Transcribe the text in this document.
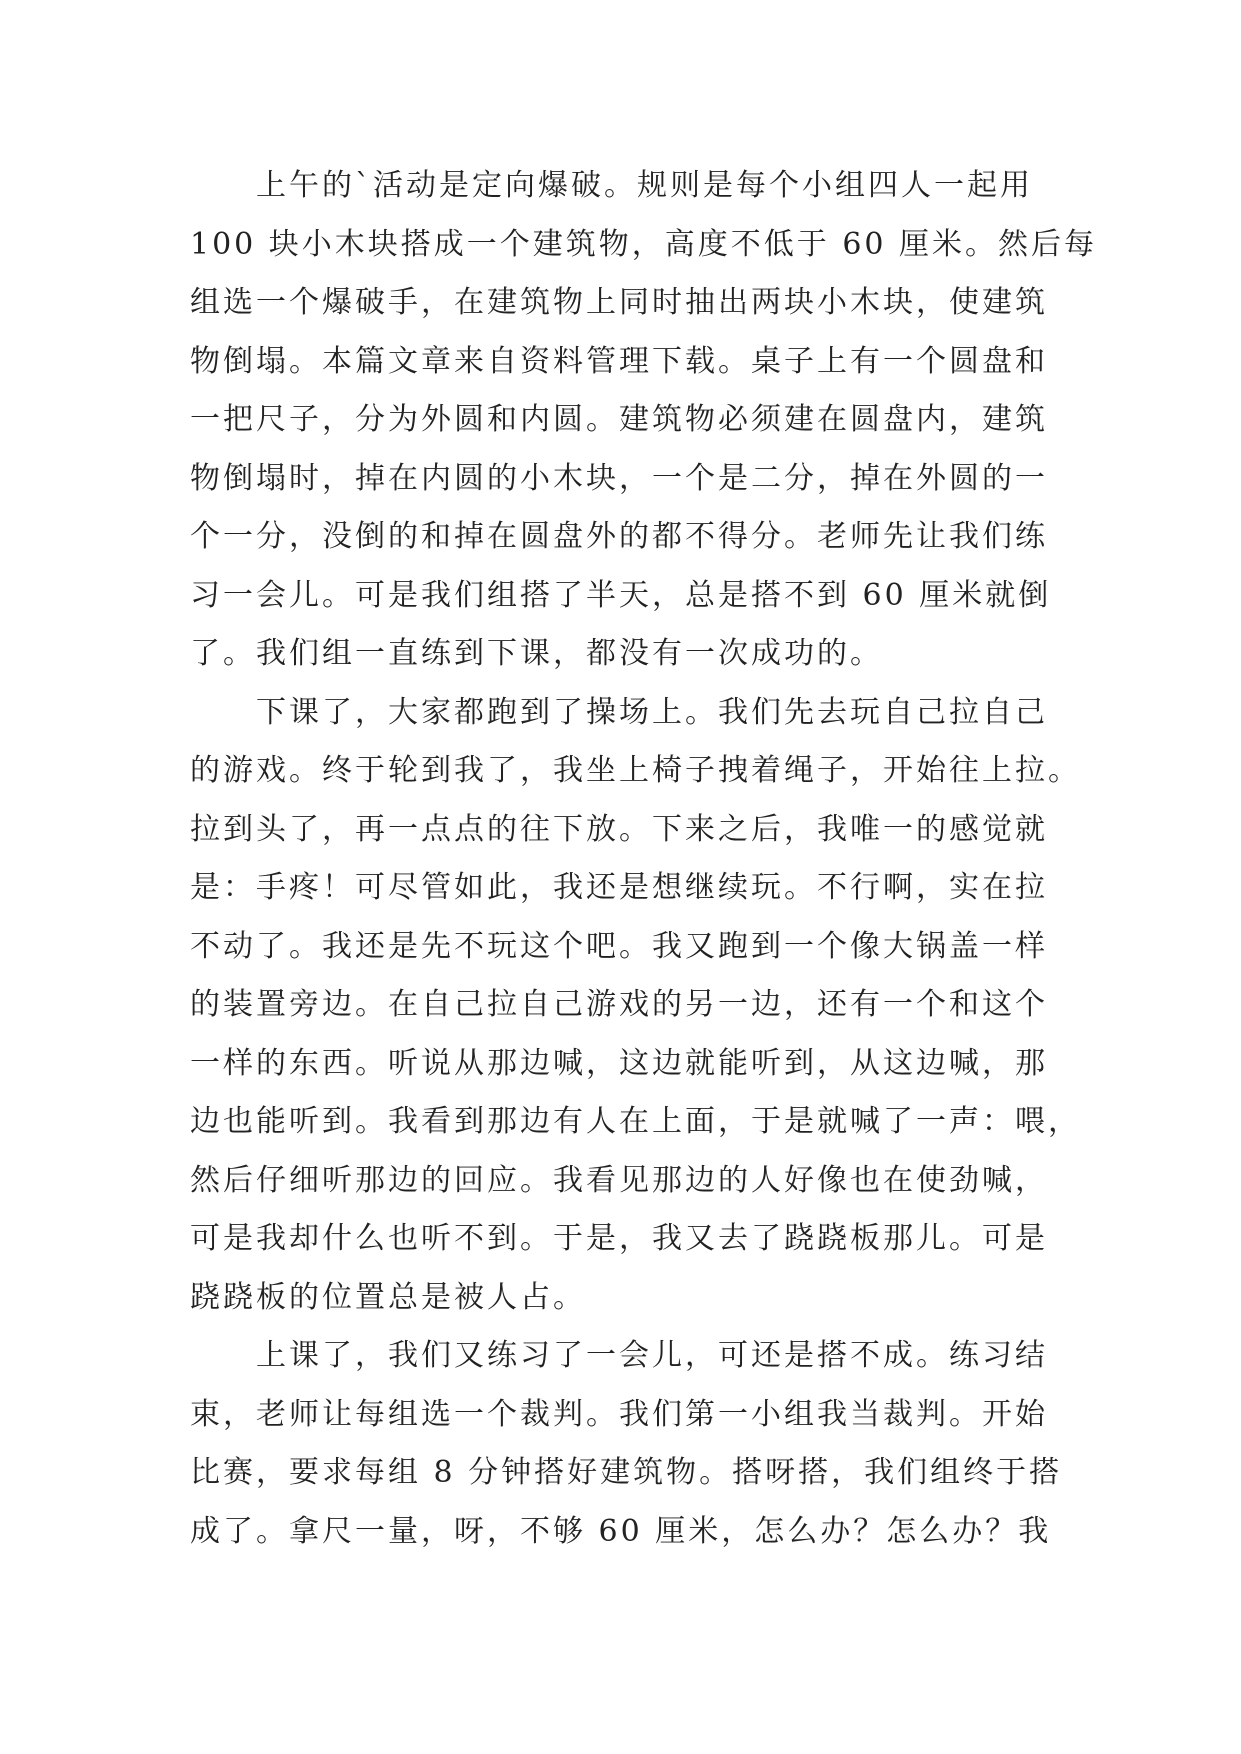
上午的`活动是定向爆破。规则是每个小组四人一起用
100 块小木块搭成一个建筑物，高度不低于 60 厘米。然后每
组选一个爆破手，在建筑物上同时抽出两块小木块，使建筑
物倒塌。本篇文章来自资料管理下载。桌子上有一个圆盘和
一把尺子，分为外圆和内圆。建筑物必须建在圆盘内，建筑
物倒塌时，掉在内圆的小木块，一个是二分，掉在外圆的一
个一分，没倒的和掉在圆盘外的都不得分。老师先让我们练
习一会儿。可是我们组搭了半天，总是搭不到 60 厘米就倒
了。我们组一直练到下课，都没有一次成功的。
下课了，大家都跑到了操场上。我们先去玩自己拉自己
的游戏。终于轮到我了，我坐上椅子拽着绳子，开始往上拉。
拉到头了，再一点点的往下放。下来之后，我唯一的感觉就
是：手疼！可尽管如此，我还是想继续玩。不行啊，实在拉
不动了。我还是先不玩这个吧。我又跑到一个像大锅盖一样
的装置旁边。在自己拉自己游戏的另一边，还有一个和这个
一样的东西。听说从那边喊，这边就能听到，从这边喊，那
边也能听到。我看到那边有人在上面，于是就喊了一声：喂，
然后仔细听那边的回应。我看见那边的人好像也在使劲喊，
可是我却什么也听不到。于是，我又去了跷跷板那儿。可是
跷跷板的位置总是被人占。
上课了，我们又练习了一会儿，可还是搭不成。练习结
束，老师让每组选一个裁判。我们第一小组我当裁判。开始
比赛，要求每组 8 分钟搭好建筑物。搭呀搭，我们组终于搭
成了。拿尺一量，呀，不够 60 厘米，怎么办？怎么办？我
